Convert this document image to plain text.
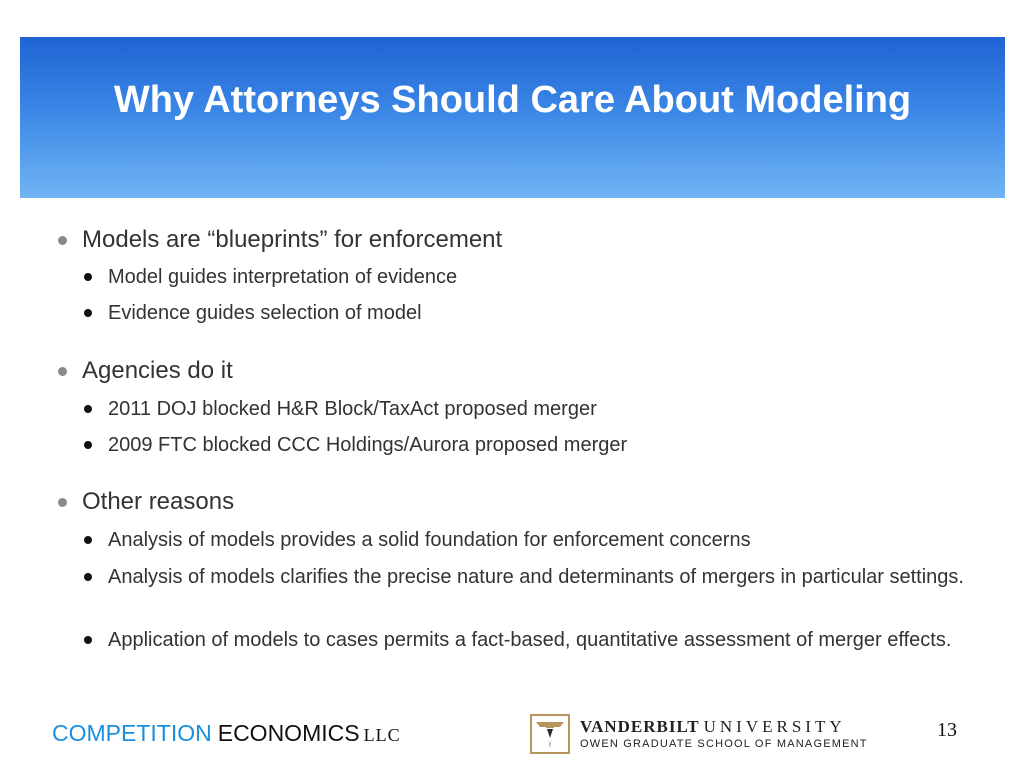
Why Attorneys Should Care About Modeling
Models are “blueprints” for enforcement
Model guides interpretation of evidence
Evidence guides selection of model
Agencies do it
2011 DOJ blocked H&R Block/TaxAct proposed merger
2009 FTC blocked CCC Holdings/Aurora proposed merger
Other reasons
Analysis of models provides a solid foundation for enforcement concerns
Analysis of models clarifies the precise nature and determinants of mergers in particular settings.
Application of models to cases permits a fact-based, quantitative assessment of merger effects.
COMPETITION ECONOMICS LLC	VANDERBILT UNIVERSITY
OWEN GRADUATE SCHOOL OF MANAGEMENT
13
